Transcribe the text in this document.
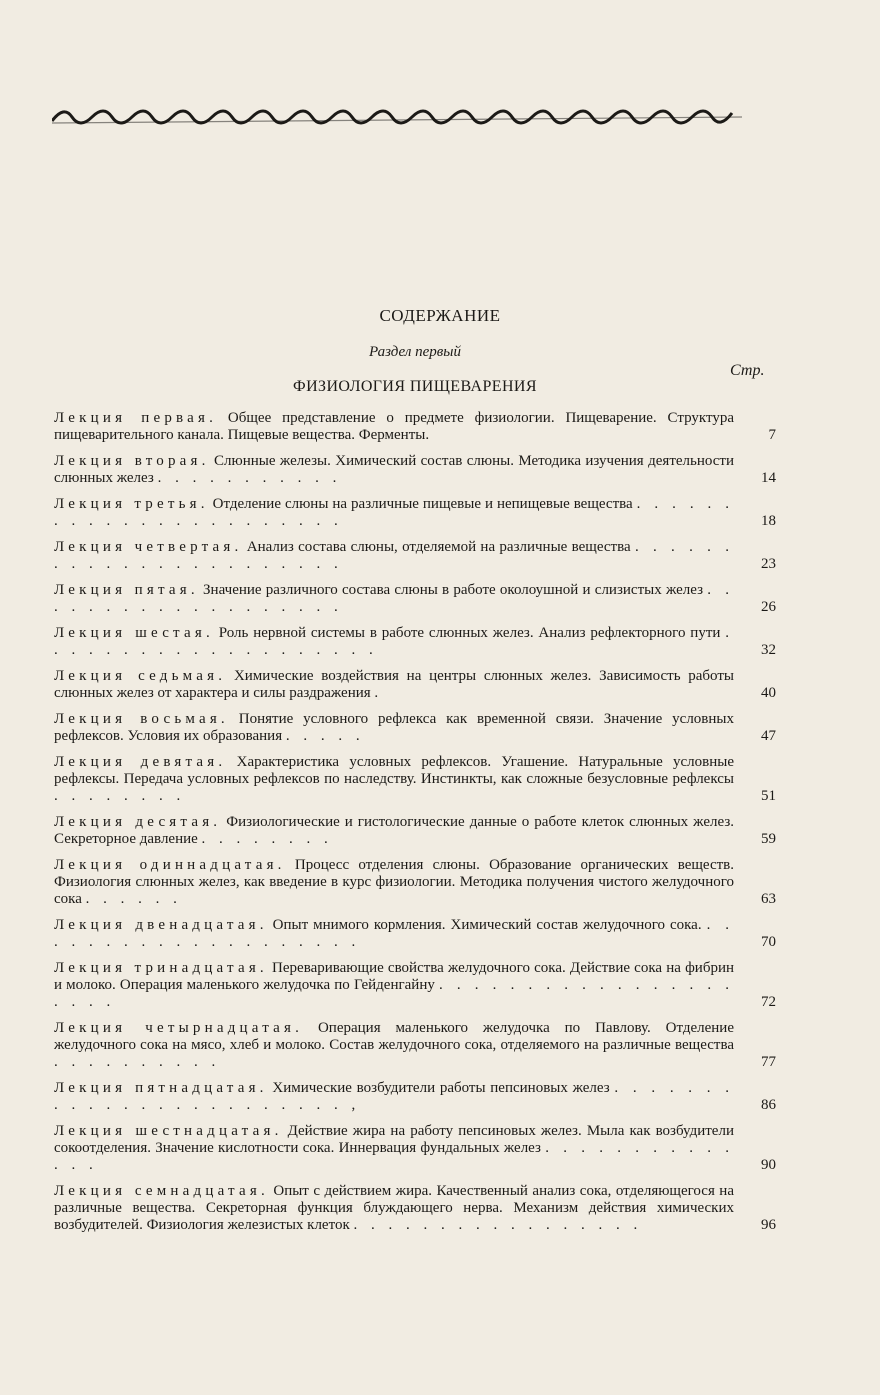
СОДЕРЖАНИЕ
Раздел первый
Стр.
ФИЗИОЛОГИЯ ПИЩЕВАРЕНИЯ
Лекция первая. Общее представление о предмете физиологии. Пищеварение. Структура пищеварительного канала. Пищевые вещества. Ферменты.	7
Лекция вторая. Слюнные железы. Химический состав слюны. Методика изучения деятельности слюнных желез . . . . . . . . . . .	14
Лекция третья. Отделение слюны на различные пищевые и непищевые вещества . . . . . . . . . . . . . . . . . . . . . . .	18
Лекция четвертая. Анализ состава слюны, отделяемой на различные вещества . . . . . . . . . . . . . . . . . . . . . . .	23
Лекция пятая. Значение различного состава слюны в работе околоушной и слизистых желез . . . . . . . . . . . . . . . . . . .	26
Лекция шестая. Роль нервной системы в работе слюнных желез. Анализ рефлекторного пути . . . . . . . . . . . . . . . . . . . .	32
Лекция седьмая. Химические воздействия на центры слюнных желез. Зависимость работы слюнных желез от характера и силы раздражения .	40
Лекция восьмая. Понятие условного рефлекса как временной связи. Значение условных рефлексов. Условия их образования . . . . .	47
Лекция девятая. Характеристика условных рефлексов. Угашение. Натуральные условные рефлексы. Передача условных рефлексов по наследству. Инстинкты, как сложные безусловные рефлексы . . . . . . . .	51
Лекция десятая. Физиологические и гистологические данные о работе клеток слюнных желез. Секреторное давление . . . . . . . .	59
Лекция одиннадцатая. Процесс отделения слюны. Образование органических веществ. Физиология слюнных желез, как введение в курс физиологии. Методика получения чистого желудочного сока . . . . . .	63
Лекция двенадцатая. Опыт мнимого кормления. Химический состав желудочного сока. . . . . . . . . . . . . . . . . . . . .	70
Лекция тринадцатая. Переваривающие свойства желудочного сока. Действие сока на фибрин и молоко. Операция маленького желудочка по Гейденгайну . . . . . . . . . . . . . . . . . . . . .	72
Лекция четырнадцатая. Операция маленького желудочка по Павлову. Отделение желудочного сока на мясо, хлеб и молоко. Состав желудочного сока, отделяемого на различные вещества . . . . . . . . . .	77
Лекция пятнадцатая. Химические возбудители работы пепсиновых желез . . . . . . . . . . . . . . . . . . . . . . . . ,	86
Лекция шестнадцатая. Действие жира на работу пепсиновых желез. Мыла как возбудители сокоотделения. Значение кислотности сока. Иннервация фундальных желез . . . . . . . . . . . . . .	90
Лекция семнадцатая. Опыт с действием жира. Качественный анализ сока, отделяющегося на различные вещества. Секреторная функция блуждающего нерва. Механизм действия химических возбудителей. Физиология железистых клеток . . . . . . . . . . . . . . . . .	96
